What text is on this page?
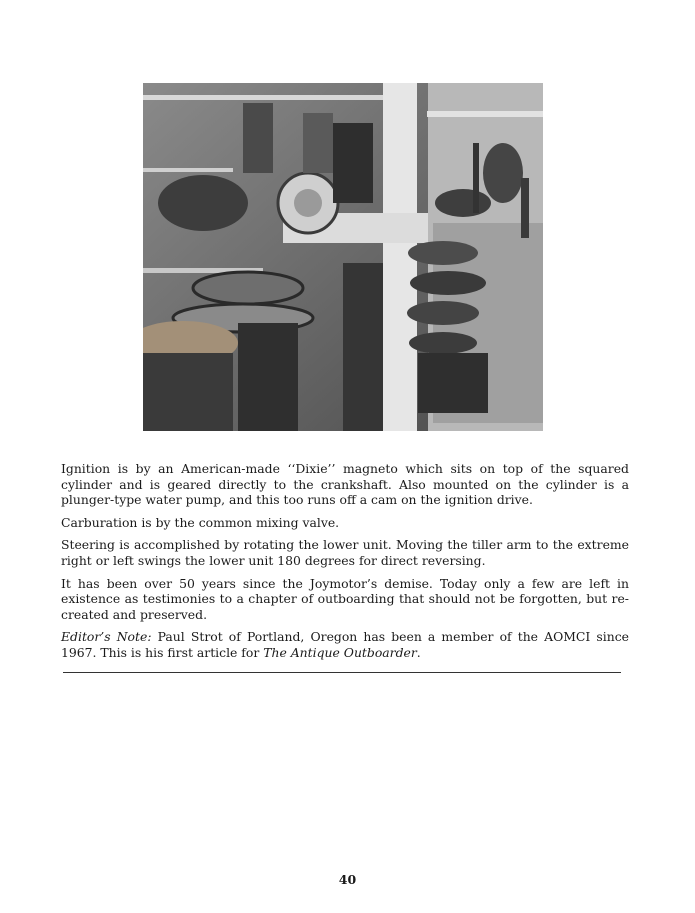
Ignition is by an American-made ‘‘Dixie’’ magneto which sits on top of the squared cylinder and is geared directly to the crankshaft. Also mounted on the cylinder is a plunger-type water pump, and this too runs off a cam on the ignition drive.

Carburation is by the common mixing valve.

Steering is accomplished by rotating the lower unit. Moving the tiller arm to the extreme right or left swings the lower unit 180 degrees for direct reversing.

It has been over 50 years since the Joymotor’s demise. Today only a few are left in existence as testimonies to a chapter of outboarding that should not be forgotten, but re-created and preserved.

Editor’s Note: Paul Strot of Portland, Oregon has been a member of the AOMCI since 1967. This is his first article for The Antique Outboarder.

40
